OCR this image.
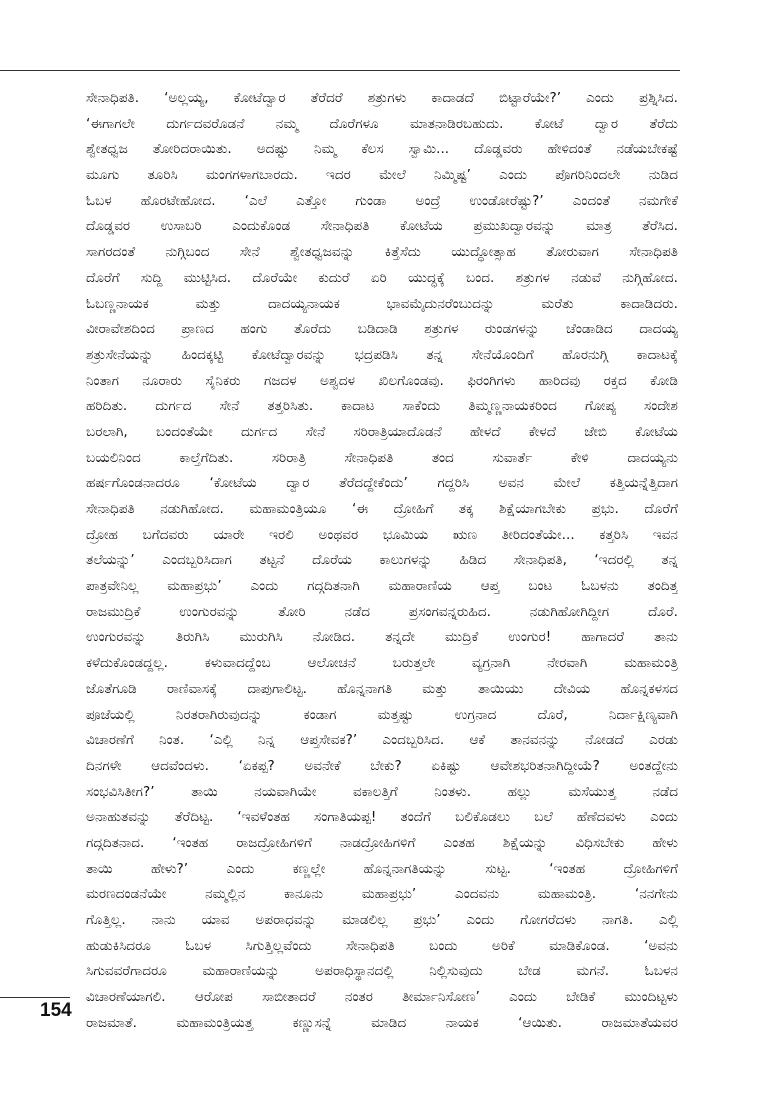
ಸೇನಾಧಿಪತಿ. ‘ಅಲ್ಲಯ್ಯ, ಕೋಟೆದ್ವಾರ ತೆರೆದರೆ ಶತ್ರುಗಳು ಕಾದಾಡದೆ ಬಿಟ್ಟಾರೆಯೇ?’ ಎಂದು ಪ್ರಶ್ನಿಸಿದ.
‘ಈಗಾಗಲೇ ದುರ್ಗದವರೊಡನೆ ನಮ್ಮ ದೊರೆಗಳೂ ಮಾತನಾಡಿರಬಹುದು. ಕೋಟೆ ದ್ವಾರ ತೆರೆದು
ಶ್ವೇತಧ್ವಜ ತೋರಿದರಾಯಿತು. ಅದಷ್ಟು ನಿಮ್ಮ ಕೆಲಸ ಸ್ವಾಮಿ... ದೊಡ್ಡವರು ಹೇಳಿದಂತೆ ನಡೆಯಬೇಕಷ್ಟೆ
ಮೂಗು ತೂರಿಸಿ ಮಂಗಗಳಾಗಬಾರದು. ಇದರ ಮೇಲೆ ನಿಮ್ಮಿಷ್ಟ’ ಎಂದು ಪೊಗರಿನಿಂದಲೇ ನುಡಿದ
ಓಬಳ ಹೊರಟೇಹೋದ. ‘ಎಲೆ ಎತ್ತೋ ಗುಂಡಾ ಅಂದ್ರೆ ಉಂಡೋರೆಷ್ಟು?’ ಎಂದಂತೆ ನಮಗೇಕೆ
ದೊಡ್ಡವರ ಉಸಾಬರಿ ಎಂದುಕೊಂಡ ಸೇನಾಧಿಪತಿ ಕೋಟೆಯ ಪ್ರಮುಖದ್ವಾರವನ್ನು ಮಾತ್ರ ತೆರೆಸಿದ.
ಸಾಗರದಂತೆ ನುಗ್ಗಿಬಂದ ಸೇನೆ ಶ್ವೇತಧ್ವಜವನ್ನು ಕಿತ್ತೆಸೆದು ಯುದ್ಧೋತ್ಸಾಹ ತೋರುವಾಗ ಸೇನಾಧಿಪತಿ
ದೊರೆಗೆ ಸುದ್ದಿ ಮುಟ್ಟಿಸಿದ. ದೊರೆಯೇ ಕುದುರೆ ಏರಿ ಯುದ್ಧಕ್ಕೆ ಬಂದ. ಶತ್ರುಗಳ ನಡುವೆ ನುಗ್ಗಿಹೋದ.
ಓಬಣ್ಣನಾಯಕ ಮತ್ತು ದಾದಯ್ಯನಾಯಕ ಭಾವಮೈದುನರೆಂಬುದನ್ನು ಮರೆತು ಕಾದಾಡಿದರು.
ವೀರಾವೇಶದಿಂದ ಪ್ರಾಣದ ಹಂಗು ತೊರೆದು ಬಡಿದಾಡಿ ಶತ್ರುಗಳ ರುಂಡಗಳನ್ನು ಚೆಂಡಾಡಿದ ದಾದಯ್ಯ
ಶತ್ರುಸೇನೆಯನ್ನು ಹಿಂದಕ್ಕಟ್ಟಿ ಕೋಟೆದ್ವಾರವನ್ನು ಭದ್ರಪಡಿಸಿ ತನ್ನ ಸೇನೆಯೊಂದಿಗೆ ಹೊರನುಗ್ಗಿ ಕಾದಾಟಕ್ಕೆ
ನಿಂತಾಗ ನೂರಾರು ಸೈನಿಕರು ಗಜದಳ ಅಶ್ವದಳ ಖಿಲಗೊಂಡವು. ಫಿರಂಗಿಗಳು ಹಾರಿದವು ರಕ್ತದ ಕೋಡಿ
ಹರಿದಿತು. ದುರ್ಗದ ಸೇನೆ ತತ್ತರಿಸಿತು. ಕಾದಾಟ ಸಾಕೆಂದು ತಿಮ್ಮಣ್ಣನಾಯಕರಿಂದ ಗೋಪ್ಯ ಸಂದೇಶ
ಬರಲಾಗಿ, ಬಂದಂತೆಯೇ ದುರ್ಗದ ಸೇನೆ ಸರಿರಾತ್ರಿಯಾದೊಡನೆ ಹೇಳದೆ ಕೇಳದೆ ಜೇಬಿ ಕೋಟೆಯ
ಬಯಲಿನಿಂದ ಕಾಲ್ತೆಗೆದಿತು. ಸರಿರಾತ್ರಿ ಸೇನಾಧಿಪತಿ ತಂದ ಸುವಾರ್ತೆ ಕೇಳಿ ದಾದಯ್ಯನು
ಹರ್ಷಗೊಂಡನಾದರೂ ‘ಕೋಟೆಯ ದ್ವಾರ ತೆರೆದದ್ದೇಕೆಂದು’ ಗದ್ದರಿಸಿ ಅವನ ಮೇಲೆ ಕತ್ತಿಯನ್ನೆತ್ತಿದಾಗ
ಸೇನಾಧಿಪತಿ ನಡುಗಿಹೋದ. ಮಹಾಮಂತ್ರಿಯೂ ‘ಈ ದ್ರೋಹಿಗೆ ತಕ್ಕ ಶಿಕ್ಷೆಯಾಗಬೇಕು ಪ್ರಭು. ದೊರೆಗೆ
ದ್ರೋಹ ಬಗೆದವರು ಯಾರೇ ಇರಲಿ ಅಂಥವರ ಭೂಮಿಯ ಋಣ ತೀರಿದಂತೆಯೇ... ಕತ್ತರಿಸಿ ಇವನ
ತಲೆಯನ್ನು’ ಎಂದಬ್ಬರಿಸಿದಾಗ ತಟ್ಟನೆ ದೊರೆಯ ಕಾಲುಗಳನ್ನು ಹಿಡಿದ ಸೇನಾಧಿಪತಿ, ‘ಇದರಲ್ಲಿ ತನ್ನ
ಪಾತ್ರವೇನಿಲ್ಲ ಮಹಾಪ್ರಭು’ ಎಂದು ಗದ್ಗದಿತನಾಗಿ ಮಹಾರಾಣಿಯ ಆಪ್ತ ಬಂಟ ಓಬಳನು ತಂದಿತ್ತ
ರಾಜಮುದ್ರಿಕೆ ಉಂಗುರವನ್ನು ತೋರಿ ನಡೆದ ಪ್ರಸಂಗವನ್ನರುಹಿದ. ನಡುಗಿಹೋಗಿದ್ದೀಗ ದೊರೆ.
ಉಂಗುರವನ್ನು ತಿರುಗಿಸಿ ಮುರುಗಿಸಿ ನೋಡಿದ. ತನ್ನದೇ ಮುದ್ರಿಕೆ ಉಂಗುರ! ಹಾಗಾದರೆ ತಾನು
ಕಳೆದುಕೊಂಡದ್ದಲ್ಲ. ಕಳುವಾದದ್ದೆಂಬ ಆಲೋಚನೆ ಬರುತ್ತಲೇ ವ್ಯಗ್ರನಾಗಿ ನೇರವಾಗಿ ಮಹಾಮಂತ್ರಿ
ಜೊತೆಗೂಡಿ ರಾಣಿವಾಸಕ್ಕೆ ದಾಪುಗಾಲಿಟ್ಟ. ಹೊನ್ನನಾಗತಿ ಮತ್ತು ತಾಯಿಯು ದೇವಿಯ ಹೊನ್ನಕಳಸದ
ಪೂಜೆಯಲ್ಲಿ ನಿರತರಾಗಿರುವುದನ್ನು ಕಂಡಾಗ ಮತ್ತಷ್ಟು ಉಗ್ರನಾದ ದೊರೆ, ನಿರ್ದಾಕ್ಷಿಣ್ಯವಾಗಿ
ವಿಚಾರಣೆಗೆ ನಿಂತ. ‘ಎಲ್ಲಿ ನಿನ್ನ ಆಪ್ತಸೇವಕ?’ ಎಂದಬ್ಬರಿಸಿದ. ಆಕೆ ತಾನವನನ್ನು ನೋಡದೆ ಎರಡು
ದಿನಗಳೇ ಆದವೆಂದಳು. ‘ಏಕಪ್ಪ? ಅವನೇಕೆ ಬೇಕು? ಏಕಿಷ್ಟು ಆವೇಶಭರಿತನಾಗಿದ್ದೀಯೆ? ಅಂತದ್ದೇನು
ಸಂಭವಿಸಿತೀಗ?’ ತಾಯಿ ನಯವಾಗಿಯೇ ವಕಾಲತ್ತಿಗೆ ನಿಂತಳು. ಹಲ್ಲು ಮಸೆಯುತ್ತ ನಡೆದ
ಅನಾಹುತವನ್ನು ತೆರೆದಿಟ್ಟ. ‘ಇವಳೆಂತಹ ಸಂಗಾತಿಯಪ್ಪ! ತಂದೆಗೆ ಬಲಿಕೊಡಲು ಬಲೆ ಹೆಣೆದವಳು ಎಂದು
ಗದ್ಗದಿತನಾದ. ‘ಇಂತಹ ರಾಜದ್ರೋಹಿಗಳಿಗೆ ನಾಡದ್ರೋಹಿಗಳಿಗೆ ಎಂತಹ ಶಿಕ್ಷೆಯನ್ನು ವಿಧಿಸಬೇಕು ಹೇಳು
ತಾಯಿ ಹೇಳು?’ ಎಂದು ಕಣ್ಣಲ್ಲೇ ಹೊನ್ನನಾಗತಿಯನ್ನು ಸುಟ್ಟ. ‘ಇಂತಹ ದ್ರೋಹಿಗಳಿಗೆ
ಮರಣದಂಡನೆಯೇ ನಮ್ಮಲ್ಲಿನ ಕಾನೂನು ಮಹಾಪ್ರಭು’ ಎಂದವನು ಮಹಾಮಂತ್ರಿ. ‘ನನಗೇನು
ಗೊತ್ತಿಲ್ಲ. ನಾನು ಯಾವ ಅಪರಾಧವನ್ನು ಮಾಡಲಿಲ್ಲ ಪ್ರಭು’ ಎಂದು ಗೋಗರೆದಳು ನಾಗತಿ. ಎಲ್ಲಿ
ಹುಡುಕಿಸಿದರೂ ಓಬಳ ಸಿಗುತ್ತಿಲ್ಲವೆಂದು ಸೇನಾಧಿಪತಿ ಬಂದು ಅರಿಕೆ ಮಾಡಿಕೊಂಡ. ‘ಅವನು
ಸಿಗುವವರೆಗಾದರೂ ಮಹಾರಾಣಿಯನ್ನು ಅಪರಾಧಿಸ್ಥಾನದಲ್ಲಿ ನಿಲ್ಲಿಸುವುದು ಬೇಡ ಮಗನೆ. ಓಬಳನ
ವಿಚಾರಣೆಯಾಗಲಿ. ಆರೋಪ ಸಾಬೀತಾದರೆ ನಂತರ ತೀರ್ಮಾನಿಸೋಣ’ ಎಂದು ಬೇಡಿಕೆ ಮುಂದಿಟ್ಟಳು
ರಾಜಮಾತೆ. ಮಹಾಮಂತ್ರಿಯತ್ತ ಕಣ್ಣುಸನ್ನೆ ಮಾಡಿದ ನಾಯಕ ‘ಆಯಿತು. ರಾಜಮಾತೆಯವರ
154
